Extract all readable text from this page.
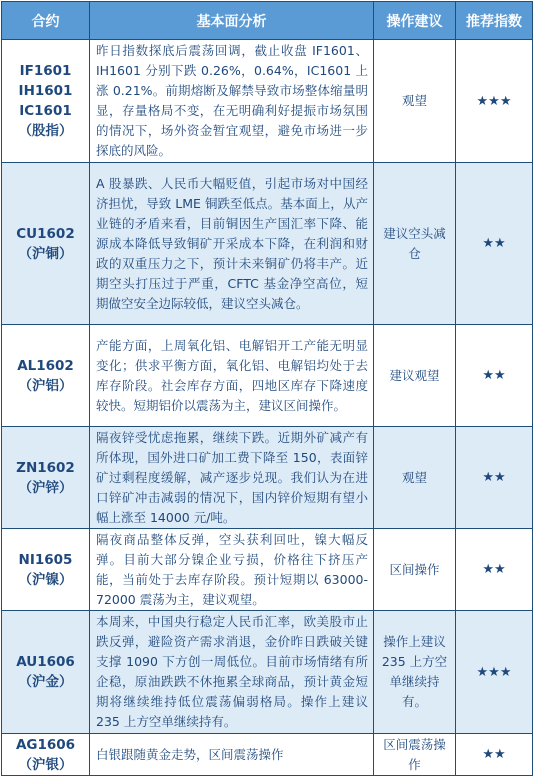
合约	基本面分析	操作建议	推荐指数

IF1601
IH1601
IC1601
（股指）	昨日指数探底后震荡回调，截止收盘 IF1601、IH1601 分别下跌 0.26%，0.64%，IC1601 上涨 0.21%。前期熔断及解禁导致市场整体缩量明显，存量格局不变，在无明确利好提振市场氛围的情况下，场外资金暂宜观望，避免市场进一步探底的风险。	观望	★★★

CU1602
（沪铜）	A 股暴跌、人民币大幅贬值，引起市场对中国经济担忧，导致 LME 铜跌至低点。基本面上，从产业链的矛盾来看，目前铜因生产国汇率下降、能源成本降低导致铜矿开采成本下降，在利润和财政的双重压力之下，预计未来铜矿仍将丰产。近期空头打压过于严重，CFTC 基金净空高位，短期做空安全边际较低，建议空头减仓。	建议空头减仓	★★

AL1602
（沪铝）	产能方面，上周氧化铝、电解铝开工产能无明显变化；供求平衡方面，氧化铝、电解铝均处于去库存阶段。社会库存方面，四地区库存下降速度较快。短期铝价以震荡为主，建议区间操作。	建议观望	★★

ZN1602
（沪锌）	隔夜锌受忧虑拖累，继续下跌。近期外矿减产有所体现，国外进口矿加工费下降至 150，表面锌矿过剩程度缓解，减产逐步兑现。我们认为在进口锌矿冲击减弱的情况下，国内锌价短期有望小幅上涨至 14000 元/吨。	观望	★★

NI1605
（沪镍）	隔夜商品整体反弹，空头获利回吐，镍大幅反弹。目前大部分镍企业亏损，价格往下挤压产能，当前处于去库存阶段。预计短期以 63000-72000 震荡为主，建议观望。	区间操作	★★

AU1606
（沪金）	本周来，中国央行稳定人民币汇率，欧美股市止跌反弹，避险资产需求消退，金价昨日跌破关键支撑 1090 下方创一周低位。目前市场情绪有所企稳，原油跌跌不休拖累全球商品，预计黄金短期将继续维持低位震荡偏弱格局。操作上建议 235 上方空单继续持有。	操作上建议 235 上方空单继续持有。	★★★

AG1606
（沪银）	白银跟随黄金走势，区间震荡操作	区间震荡操作	★★
